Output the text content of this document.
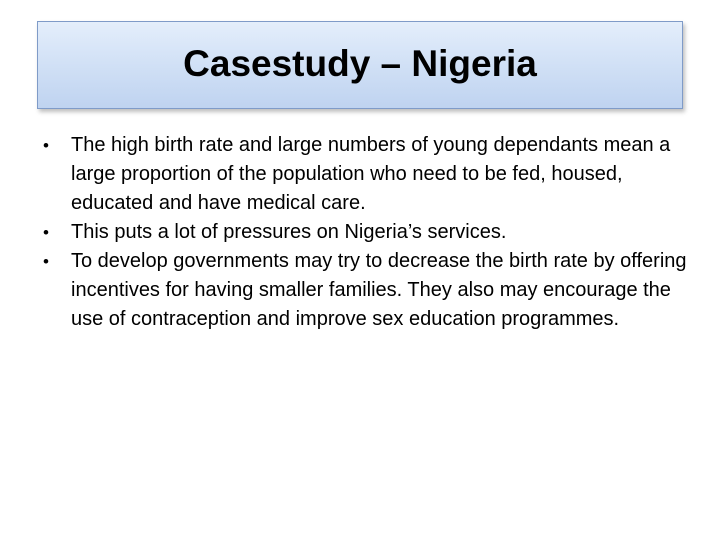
Casestudy – Nigeria
• The high birth rate and large numbers of young dependants mean a large proportion of the population who need to be fed, housed, educated and have medical care.
• This puts a lot of pressures on Nigeria’s services.
• To develop governments may try to decrease the birth rate by offering incentives for having smaller families. They also may encourage the use of contraception and improve sex education programmes.
